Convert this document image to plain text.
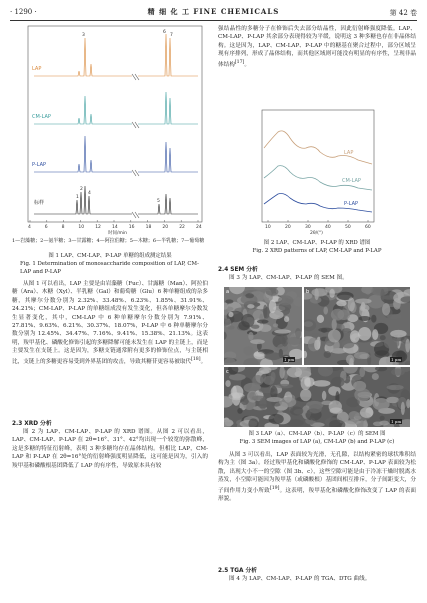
· 1290 ·	精 细 化 工 FINE CHEMICALS	第 42 卷
LAP
CM-LAP
P-LAP
标样
3
6
7
1
2
4
5
4	6	8	10 12 14 16 18 20 22 24
时间/min
1—岩藻糖；2—氨半糖；3—甘露糖；4—阿拉伯糖；5—木糖；6—半乳糖；7—葡萄糖
图 1 LAP、CM-LAP、P-LAP 单糖的组成测定结果
Fig. 1 Determination of monosaccharide composition of LAP, CM-LAP and P-LAP

从图 1 可以看出，LAP 主要是由岩藻糖（Fuc）、甘露糖（Man）、阿拉伯糖（Ara）、木糖（Xyl）、半乳糖（Gal）和葡萄糖（Glu）6 种单糖组成的杂多糖，其摩尔分数分别为 2.32%、33.48%、6.23%、1.85%、31.91%、24.21%；CM-LAP、P-LAP 的单糖组成没有发生变化，但各单糖摩尔分数发生显著变化，其中，CM-LAP 中 6 种单糖摩尔分数分别为 7.91%、27.81%、9.63%、6.21%、30.37%、18.07%，P-LAP 中 6 种单糖摩尔分数分别为 12.45%、34.47%、7.16%、9.41%、15.38%、21.13%。这表明，羧甲基化、磷酸化修饰引起的多糖降解可能未发生在 LAP 的主链上，而是主要发生在支链上。这是因为，多糖支链通常附有更多的修饰位点，与主链相比，支链上的多糖更容易受到外界基团的攻击，导致其糖苷更容易被取代[18]。

2.3 XRD 分析

图 2 为 LAP、CM-LAP、P-LAP 的 XRD 谱图。从图 2 可以看出，LAP、CM-LAP、P-LAP 在 2θ=16°、31°、42°均出现一个较宽的弥散峰，这是多糖的特征衍射峰，表明 3 种多糖均存在晶体结构。但相比 LAP，CM-LAP 和 P-LAP 在 2θ=16°处的衍射峰强度明显降低，这可能是因为，引入的羧甲基和磷酸根基团降低了 LAP 的有序性，导致原本具有较

强结晶性的多糖分子在修饰后失去部分结晶性，因此衍射峰强度降低。LAP、CM-LAP、P-LAP 其余部分表现得较为平缓，说明这 3 种多糖也存在非晶体结构。这是因为，LAP、CM-LAP、P-LAP 中的糖基在聚合过程中，部分区域呈现有序排列，形成了晶体结构，而其他区域则可能没有明显的有序性，呈现非晶体结构[17]。

LAP
CM-LAP
P-LAP
10	20	30	40	50	60
2θ/(°)
图 2 LAP、CM-LAP、P-LAP 的 XRD 谱图
Fig. 2 XRD patterns of LAP, CM-LAP and P-LAP
2.4 SEM 分析

图 3 为 LAP、CM-LAP、P-LAP 的 SEM 图。

a	b
c
1 μm	1 μm
1 μm
图 3 LAP（a）、CM-LAP（b）、P-LAP（c）的 SEM 图
Fig. 3 SEM images of LAP (a), CM-LAP (b) and P-LAP (c)

从图 3 可以看出，LAP 表面较为光滑，无孔隙，以结构紧密的球状堆积结构为主（图 3a）。经过羧甲基化和磷酸化修饰的 CM-LAP、P-LAP 表面较为松散，出现大小不一的空隙（图 3b、c），这些空隙可能是由于冷冻干燥时脱离水蒸发，小空隙可能因为羧甲基（或磷酸根）基团间相互排斥，分子间距变大，分子间作用力变小所致[19]。这表明，羧甲基化和磷酸化修饰改变了 LAP 的表面形貌。

2.5 TGA 分析

图 4 为 LAP、CM-LAP、P-LAP 的 TGA、DTG 曲线。
